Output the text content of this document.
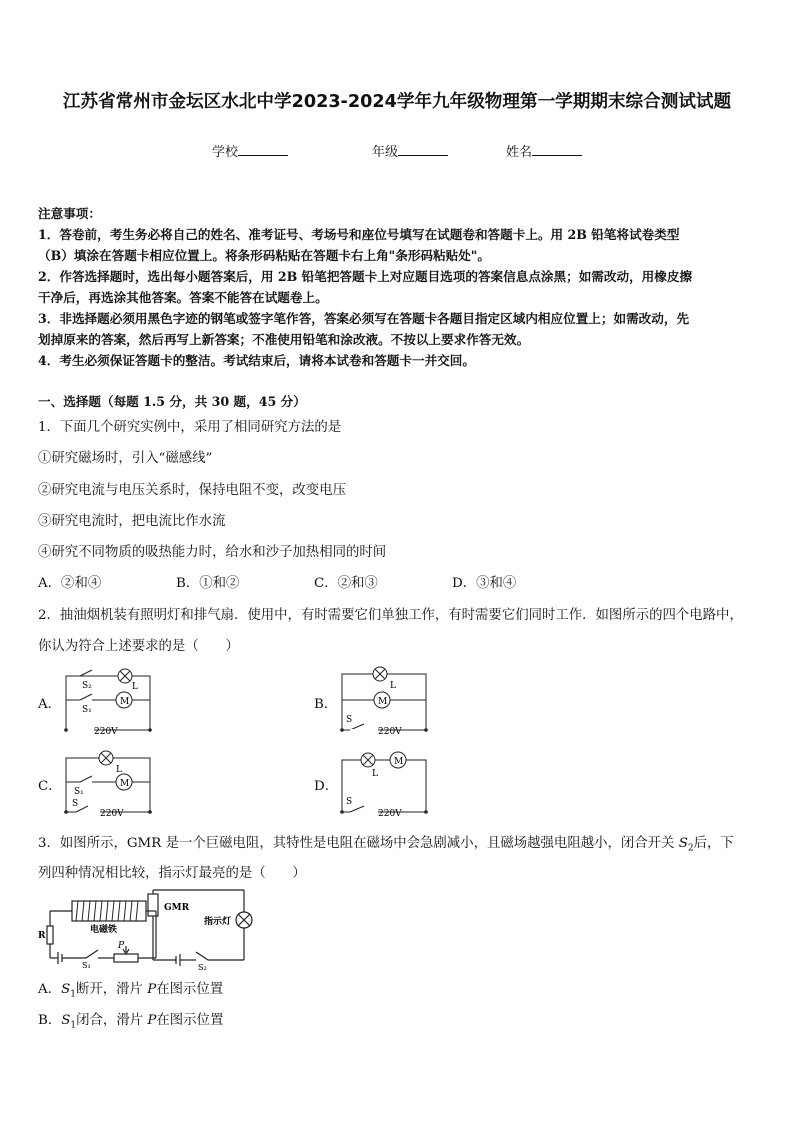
江苏省常州市金坛区水北中学2023-2024学年九年级物理第一学期期末综合测试试题
学校	年级	姓名
注意事项：
1．答卷前，考生务必将自己的姓名、准考证号、考场号和座位号填写在试题卷和答题卡上。用 2B 铅笔将试卷类型
（B）填涂在答题卡相应位置上。将条形码粘贴在答题卡右上角"条形码粘贴处"。
2．作答选择题时，选出每小题答案后，用 2B 铅笔把答题卡上对应题目选项的答案信息点涂黑；如需改动，用橡皮擦
干净后，再选涂其他答案。答案不能答在试题卷上。
3．非选择题必须用黑色字迹的钢笔或签字笔作答，答案必须写在答题卡各题目指定区域内相应位置上；如需改动，先
划掉原来的答案，然后再写上新答案；不准使用铅笔和涂改液。不按以上要求作答无效。
4．考生必须保证答题卡的整洁。考试结束后，请将本试卷和答题卡一并交回。
一、选择题（每题 1.5 分，共 30 题，45 分）
1．下面几个研究实例中，采用了相同研究方法的是
①研究磁场时，引入“磁感线”
②研究电流与电压关系时，保持电阻不变，改变电压
③研究电流时，把电流比作水流
④研究不同物质的吸热能力时，给水和沙子加热相同的时间
A．②和④	B．①和②	C．②和③	D．③和④
2．抽油烟机装有照明灯和排气扇．使用中，有时需要它们单独工作，有时需要它们同时工作．如图所示的四个电路中，
你认为符合上述要求的是（　　）
A．	B．
C．	D．
S₂	L
M
S₁
220V
L
M
S
220V
L
M
S₁
S
220V
L
M
S
220V
3．如图所示，GMR 是一个巨磁电阻，其特性是电阻在磁场中会急剧减小，且磁场越强电阻越小，闭合开关 $S_2$后，下
列四种情况相比较，指示灯最亮的是（　　）
GMR
电磁铁
指示灯
R
P
S₁	S₂
A．$S_1$断开，滑片 P在图示位置
B．$S_1$闭合，滑片 P在图示位置
